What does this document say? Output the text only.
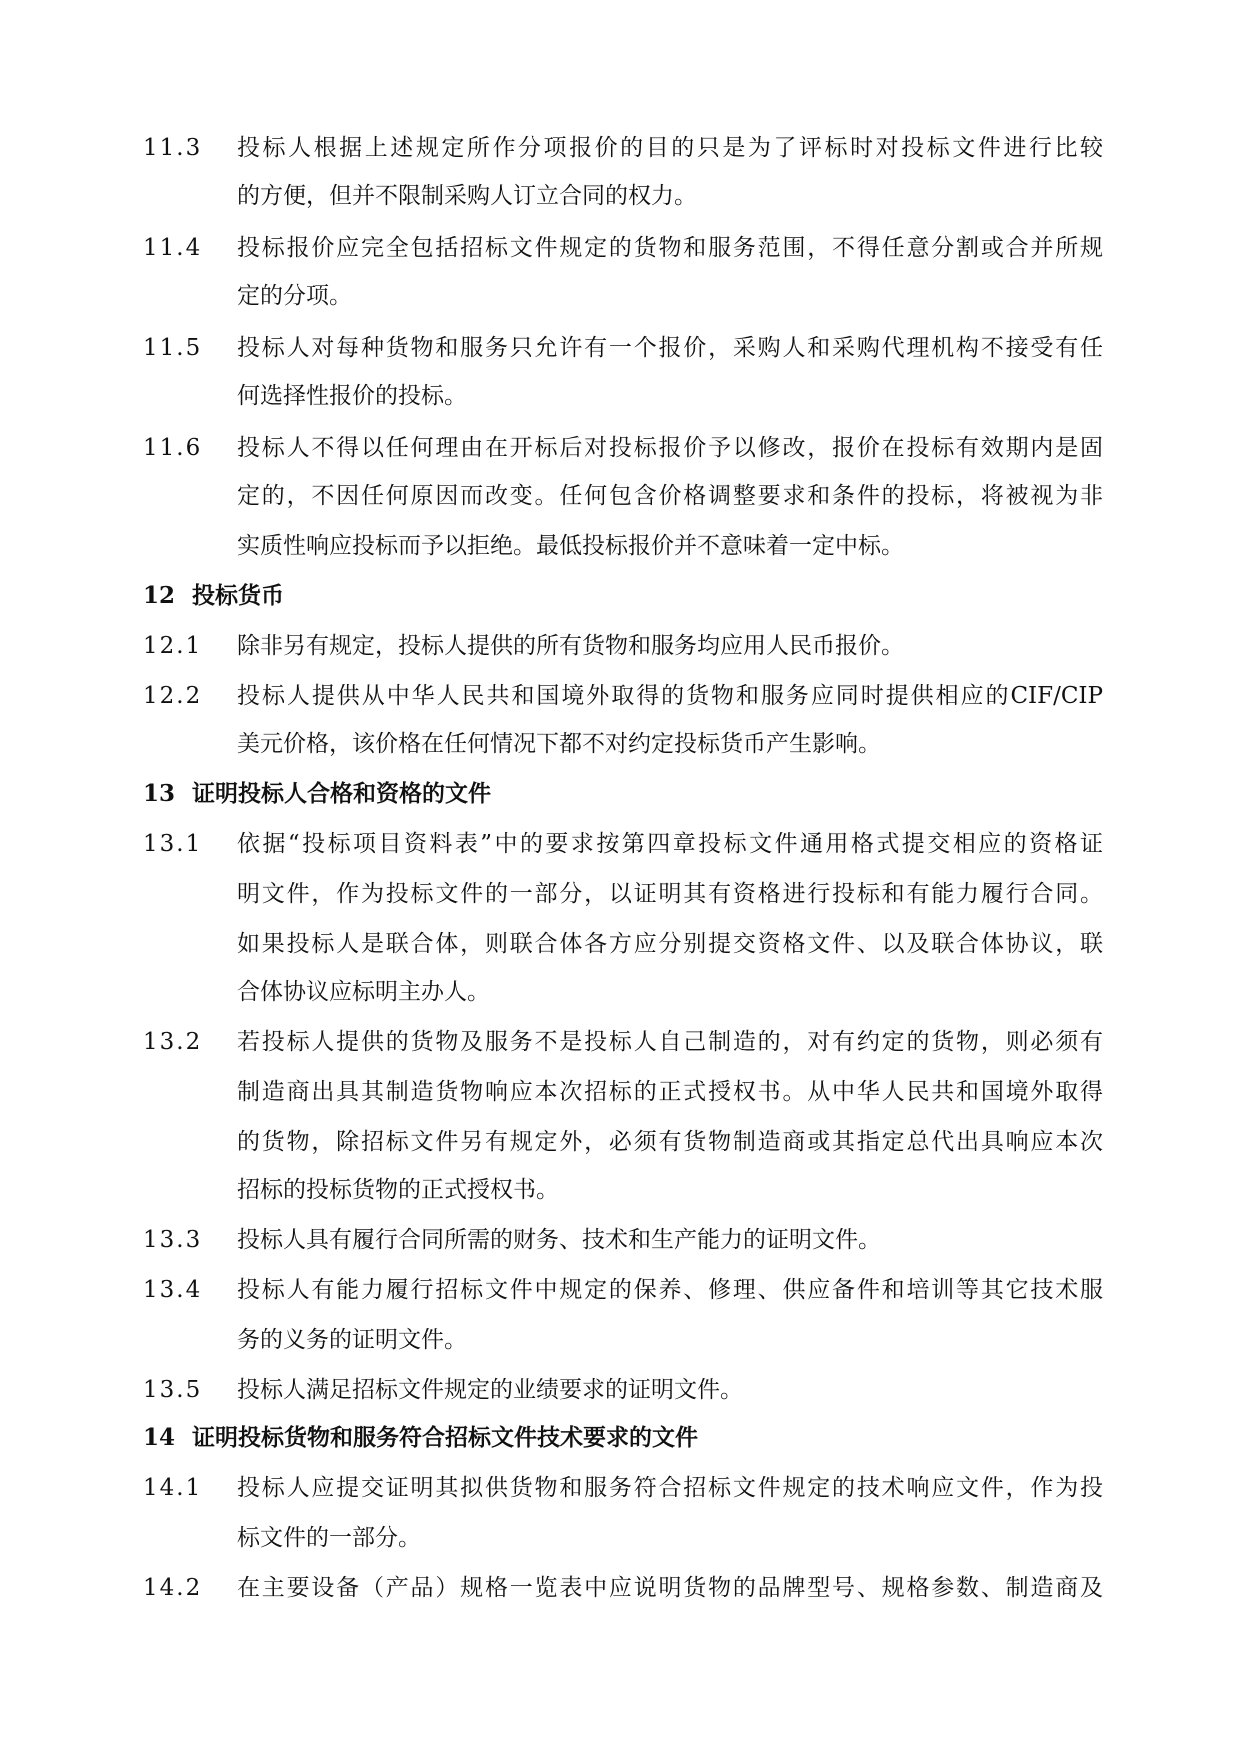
11.3 投标人根据上述规定所作分项报价的目的只是为了评标时对投标文件进行比较
的方便，但并不限制采购人订立合同的权力。
11.4 投标报价应完全包括招标文件规定的货物和服务范围，不得任意分割或合并所规
定的分项。
11.5 投标人对每种货物和服务只允许有一个报价，采购人和采购代理机构不接受有任
何选择性报价的投标。
11.6 投标人不得以任何理由在开标后对投标报价予以修改，报价在投标有效期内是固
定的，不因任何原因而改变。任何包含价格调整要求和条件的投标，将被视为非
实质性响应投标而予以拒绝。最低投标报价并不意味着一定中标。
12 投标货币
12.1 除非另有规定，投标人提供的所有货物和服务均应用人民币报价。
12.2 投标人提供从中华人民共和国境外取得的货物和服务应同时提供相应的CIF/CIP
美元价格，该价格在任何情况下都不对约定投标货币产生影响。
13 证明投标人合格和资格的文件
13.1 依据“投标项目资料表”中的要求按第四章投标文件通用格式提交相应的资格证
明文件，作为投标文件的一部分，以证明其有资格进行投标和有能力履行合同。
如果投标人是联合体，则联合体各方应分别提交资格文件、以及联合体协议，联
合体协议应标明主办人。
13.2 若投标人提供的货物及服务不是投标人自己制造的，对有约定的货物，则必须有
制造商出具其制造货物响应本次招标的正式授权书。从中华人民共和国境外取得
的货物，除招标文件另有规定外，必须有货物制造商或其指定总代出具响应本次
招标的投标货物的正式授权书。
13.3 投标人具有履行合同所需的财务、技术和生产能力的证明文件。
13.4 投标人有能力履行招标文件中规定的保养、修理、供应备件和培训等其它技术服
务的义务的证明文件。
13.5 投标人满足招标文件规定的业绩要求的证明文件。
14 证明投标货物和服务符合招标文件技术要求的文件
14.1 投标人应提交证明其拟供货物和服务符合招标文件规定的技术响应文件，作为投
标文件的一部分。
14.2 在主要设备（产品）规格一览表中应说明货物的品牌型号、规格参数、制造商及
